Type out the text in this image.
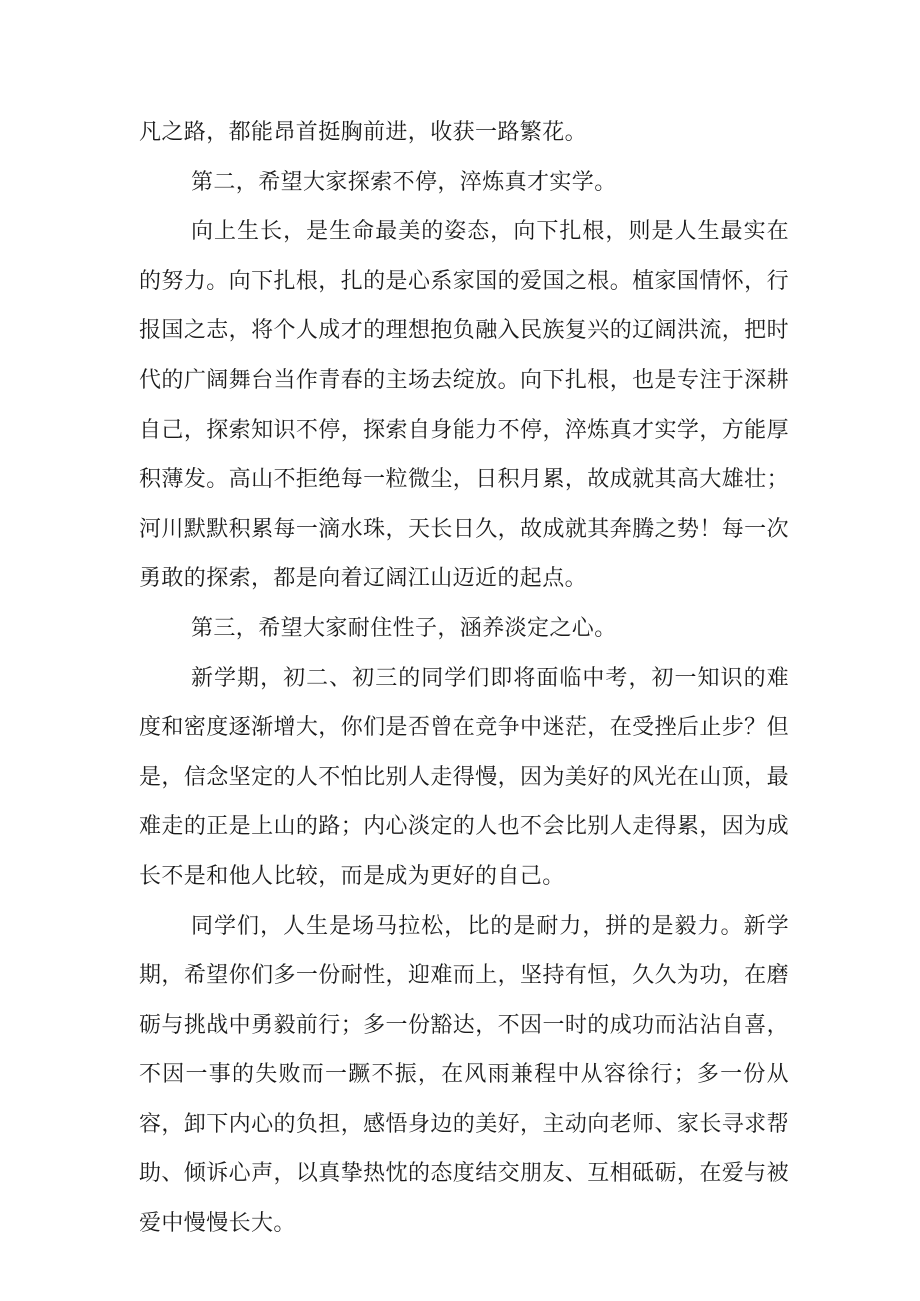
凡之路，都能昂首挺胸前进，收获一路繁花。

第二，希望大家探索不停，淬炼真才实学。

向上生长，是生命最美的姿态，向下扎根，则是人生最实在的努力。向下扎根，扎的是心系家国的爱国之根。植家国情怀，行报国之志，将个人成才的理想抱负融入民族复兴的辽阔洪流，把时代的广阔舞台当作青春的主场去绽放。向下扎根，也是专注于深耕自己，探索知识不停，探索自身能力不停，淬炼真才实学，方能厚积薄发。高山不拒绝每一粒微尘，日积月累，故成就其高大雄壮；河川默默积累每一滴水珠，天长日久，故成就其奔腾之势！每一次勇敢的探索，都是向着辽阔江山迈近的起点。

第三，希望大家耐住性子，涵养淡定之心。

新学期，初二、初三的同学们即将面临中考，初一知识的难度和密度逐渐增大，你们是否曾在竞争中迷茫，在受挫后止步？但是，信念坚定的人不怕比别人走得慢，因为美好的风光在山顶，最难走的正是上山的路；内心淡定的人也不会比别人走得累，因为成长不是和他人比较，而是成为更好的自己。

同学们，人生是场马拉松，比的是耐力，拼的是毅力。新学期，希望你们多一份耐性，迎难而上，坚持有恒，久久为功，在磨砺与挑战中勇毅前行；多一份豁达，不因一时的成功而沾沾自喜，不因一事的失败而一蹶不振，在风雨兼程中从容徐行；多一份从容，卸下内心的负担，感悟身边的美好，主动向老师、家长寻求帮助、倾诉心声，以真挚热忱的态度结交朋友、互相砥砺，在爱与被爱中慢慢长大。
